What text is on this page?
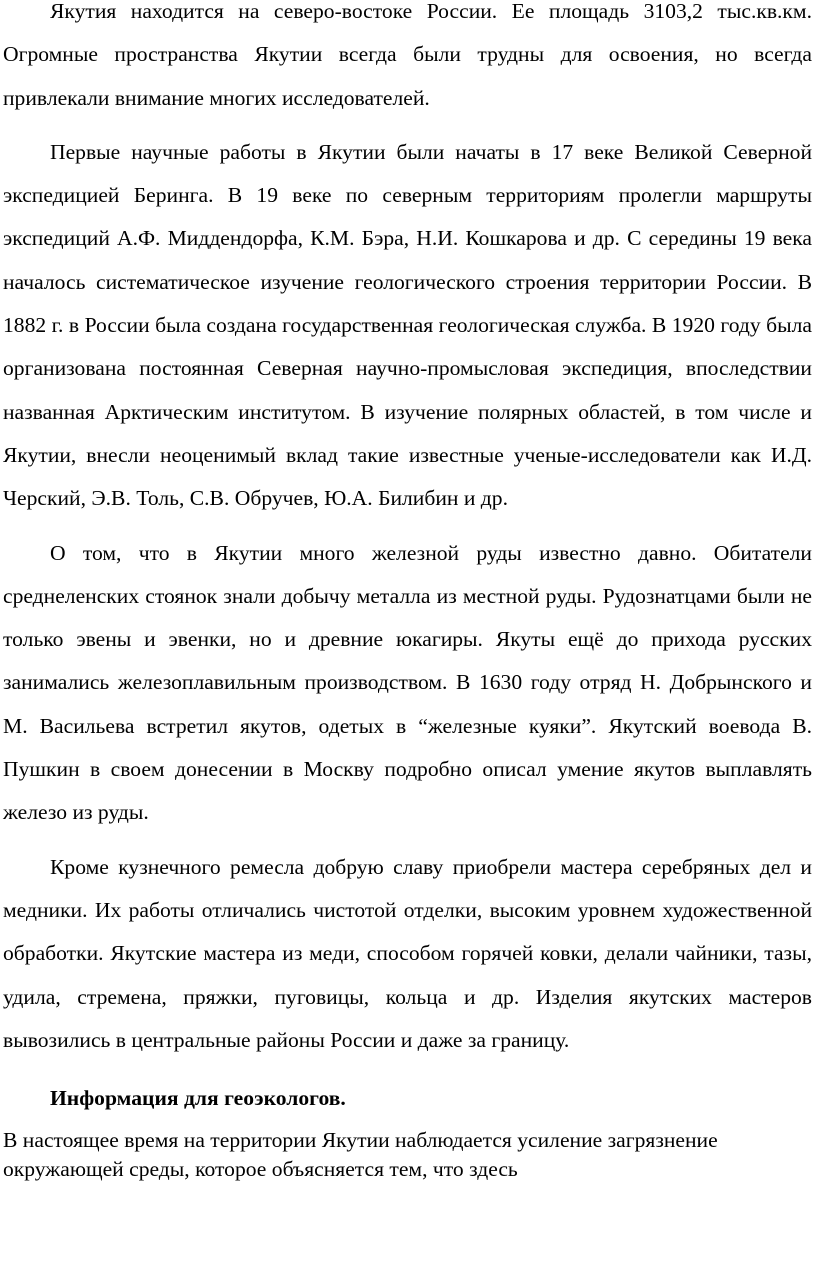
Якутия находится на северо-востоке России. Ее площадь 3103,2 тыс.кв.км. Огромные пространства Якутии всегда были трудны для освоения, но всегда привлекали внимание многих исследователей.

Первые научные работы в Якутии были начаты в 17 веке Великой Северной экспедицией Беринга. В 19 веке по северным территориям пролегли маршруты экспедиций А.Ф. Миддендорфа, К.М. Бэра, Н.И. Кошкарова и др. С середины 19 века началось систематическое изучение геологического строения территории России. В 1882 г. в России была создана государственная геологическая служба. В 1920 году была организована постоянная Северная научно-промысловая экспедиция, впоследствии названная Арктическим институтом. В изучение полярных областей, в том числе и Якутии, внесли неоценимый вклад такие известные ученые-исследователи как И.Д. Черский, Э.В. Толь, С.В. Обручев, Ю.А. Билибин и др.

О том, что в Якутии много железной руды известно давно. Обитатели среднеленских стоянок знали добычу металла из местной руды. Рудознатцами были не только эвены и эвенки, но и древние юкагиры. Якуты ещё до прихода русских занимались железоплавильным производством. В 1630 году отряд Н. Добрынского и М. Васильева встретил якутов, одетых в “железные куяки”. Якутский воевода В. Пушкин в своем донесении в Москву подробно описал умение якутов выплавлять железо из руды.

Кроме кузнечного ремесла добрую славу приобрели мастера серебряных дел и медники. Их работы отличались чистотой отделки, высоким уровнем художественной обработки. Якутские мастера из меди, способом горячей ковки, делали чайники, тазы, удила, стремена, пряжки, пуговицы, кольца и др. Изделия якутских мастеров вывозились в центральные районы России и даже за границу.

Информация для геоэкологов.

В настоящее время на территории Якутии наблюдается усиление загрязнение окружающей среды, которое объясняется тем, что здесь
